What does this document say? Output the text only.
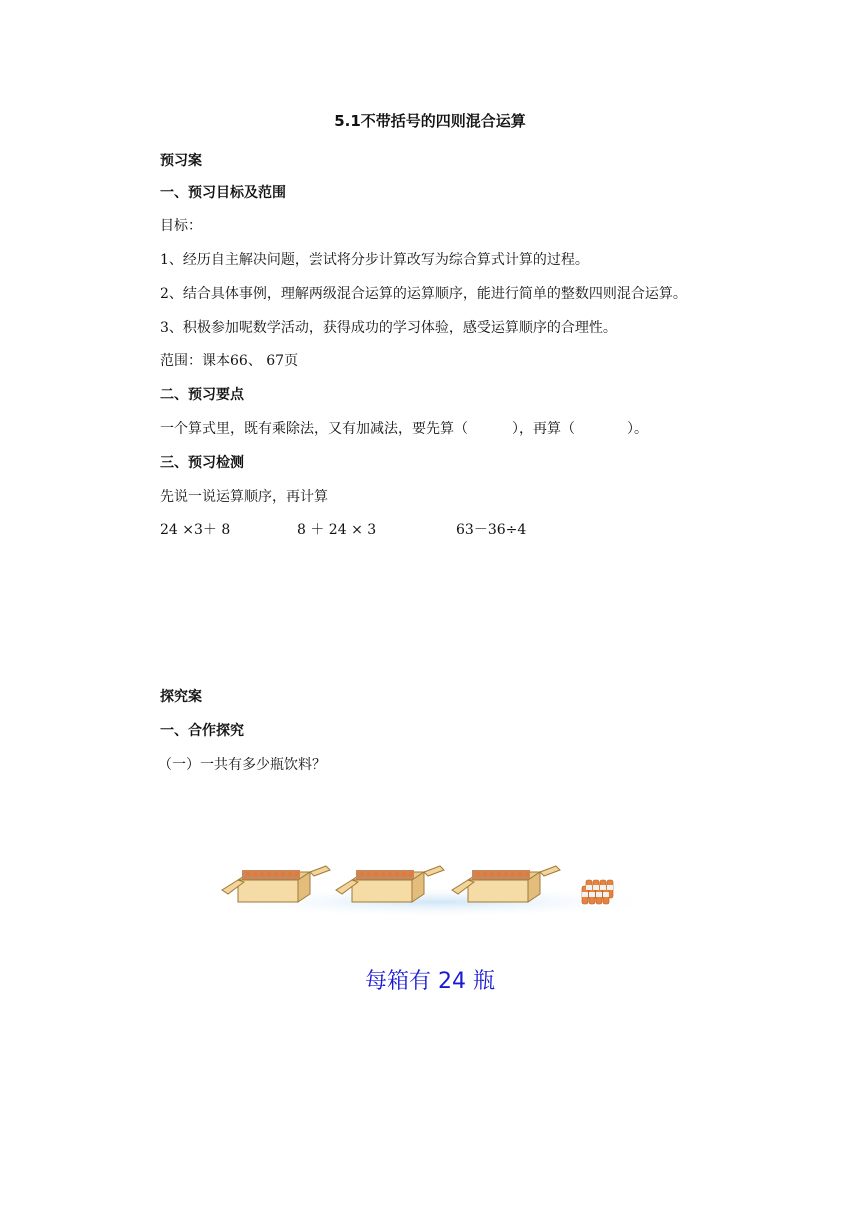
5.1不带括号的四则混合运算
预习案
一、预习目标及范围
目标：
1、经历自主解决问题，尝试将分步计算改写为综合算式计算的过程。
2、结合具体事例，理解两级混合运算的运算顺序，能进行简单的整数四则混合运算。
3、积极参加呢数学活动，获得成功的学习体验，感受运算顺序的合理性。
范围：课本66、 67页
二、预习要点
一个算式里，既有乘除法，又有加减法，要先算（	），再算（	）。
三、预习检测
先说一说运算顺序，再计算
24 ×3＋ 8	8 ＋ 24 × 3	63－36÷4
探究案
一、合作探究
（一）一共有多少瓶饮料？
每箱有 24 瓶
